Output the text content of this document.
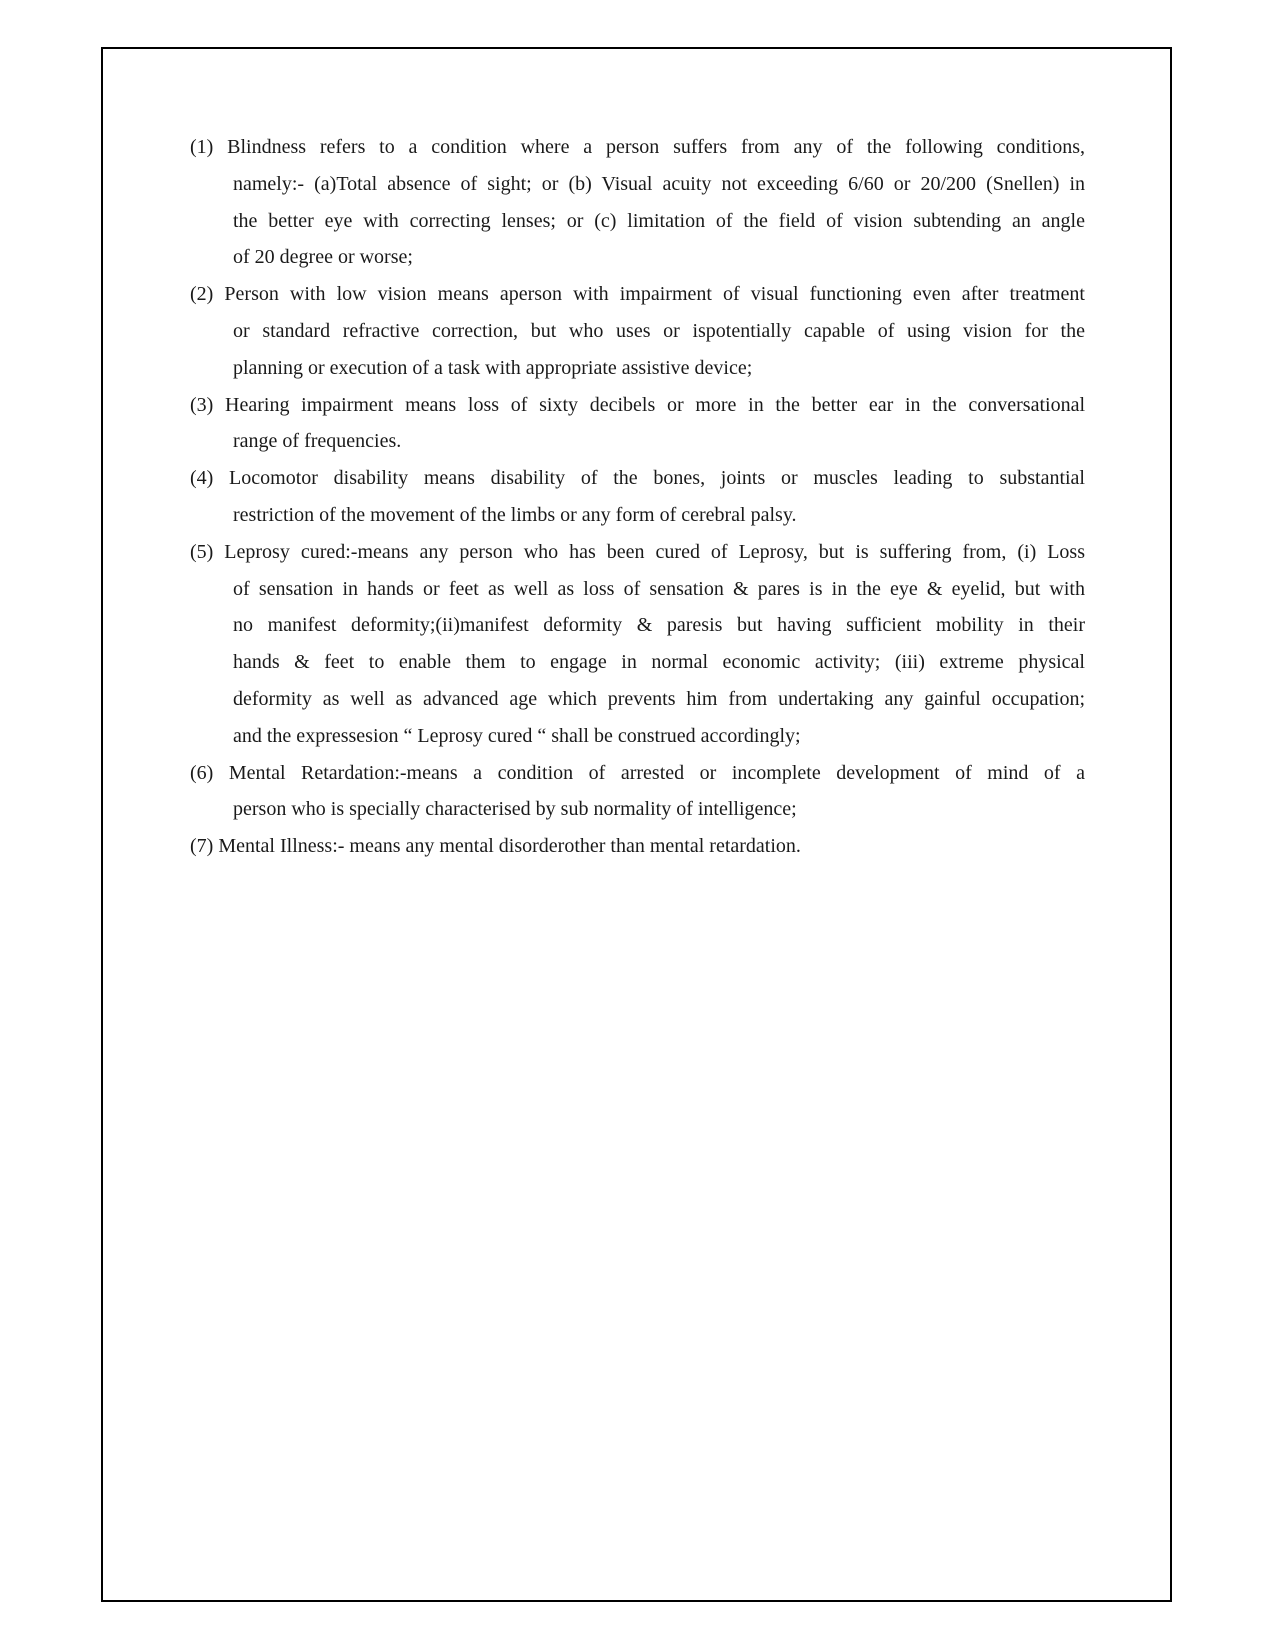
(1) Blindness refers to a condition where a person suffers from any of the following conditions,
namely:- (a)Total absence of sight; or (b) Visual acuity not exceeding 6/60 or 20/200 (Snellen) in
the better eye with correcting lenses; or (c) limitation of the field of vision subtending an angle
of 20 degree or worse;
(2) Person with low vision means aperson with impairment of visual functioning even after treatment
or standard refractive correction, but who uses or ispotentially capable of using vision for the
planning or execution of a task with appropriate assistive device;
(3) Hearing impairment means loss of sixty decibels or more in the better ear in the conversational
range of frequencies.
(4) Locomotor disability means disability of the bones, joints or muscles leading to substantial
restriction of the movement of the limbs or any form of cerebral palsy.
(5) Leprosy cured:-means any person who has been cured of Leprosy, but is suffering from, (i) Loss
of sensation in hands or feet as well as loss of sensation & pares is in the eye & eyelid, but with
no manifest deformity;(ii)manifest deformity & paresis but having sufficient mobility in their
hands & feet to enable them to engage in normal economic activity; (iii) extreme physical
deformity as well as advanced age which prevents him from undertaking any gainful occupation;
and the expressesion “ Leprosy cured “ shall be construed accordingly;
(6) Mental Retardation:-means a condition of arrested or incomplete development of mind of a
person who is specially characterised by sub normality of intelligence;
(7) Mental Illness:- means any mental disorderother than mental retardation.
